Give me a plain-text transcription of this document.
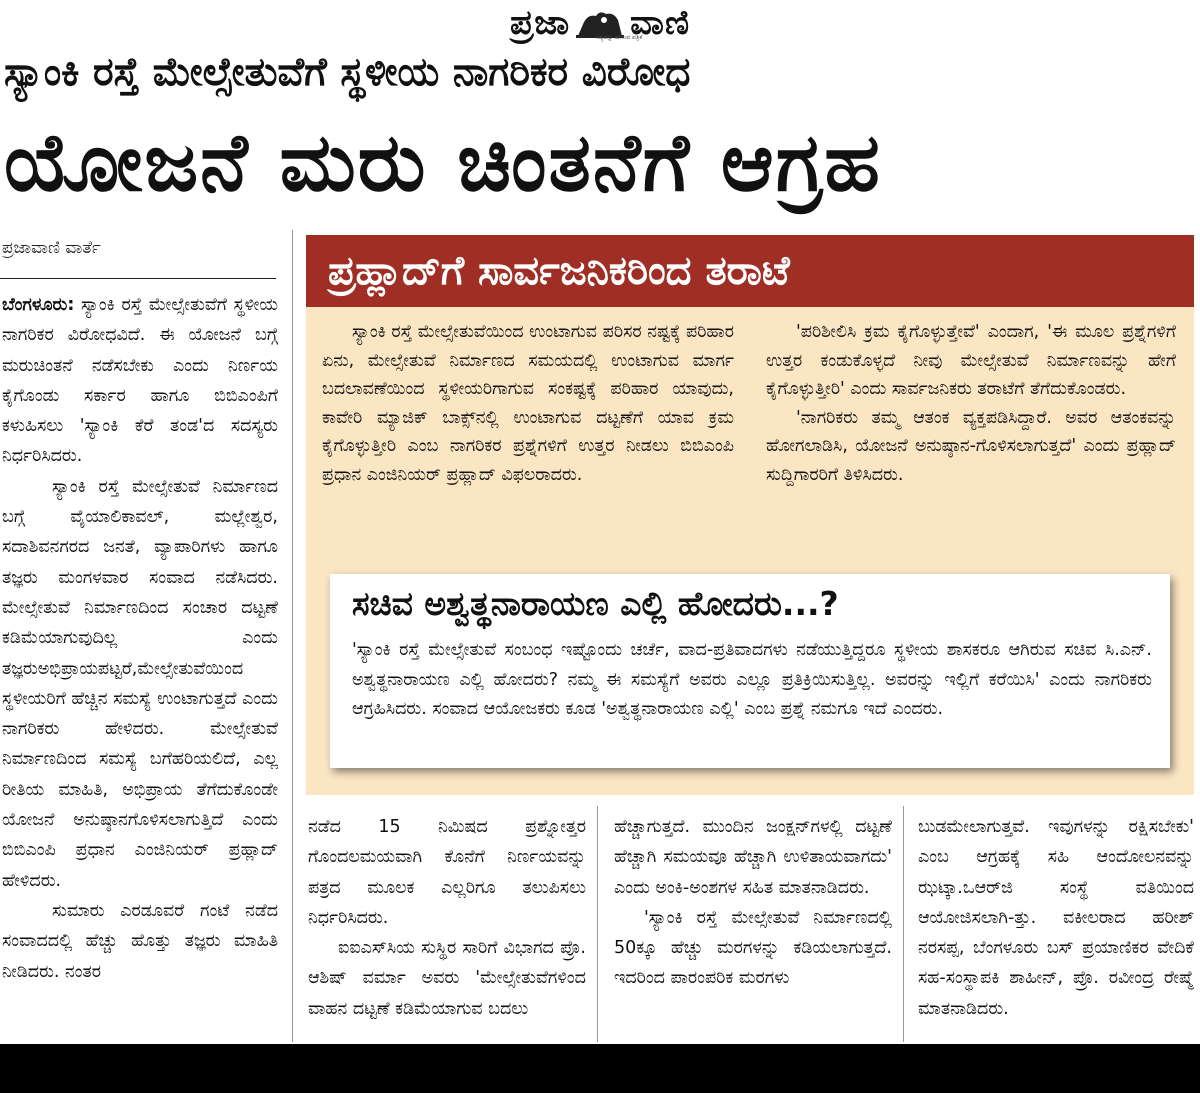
ಪ್ರಜಾ ವಾಣಿ
ಸತ್ಯವನ್ನು ಹೇಳುವ ಪತ್ರಿಕೆ
ಸ್ಯಾಂಕಿ ರಸ್ತೆ ಮೇಲ್ಸೇತುವೆಗೆ ಸ್ಥಳೀಯ ನಾಗರಿಕರ ವಿರೋಧ
ಯೋಜನೆ ಮರು ಚಿಂತನೆಗೆ ಆಗ್ರಹ
ಪ್ರಜಾವಾಣಿ ವಾರ್ತೆ

ಬೆಂಗಳೂರು: ಸ್ಯಾಂಕಿ ರಸ್ತೆ ಮೇಲ್ಸೇತುವೆಗೆ ಸ್ಥಳೀಯ ನಾಗರಿಕರ ವಿರೋಧವಿದೆ. ಈ ಯೋಜನೆ ಬಗ್ಗೆ ಮರುಚಿಂತನೆ ನಡೆಸಬೇಕು ಎಂದು ನಿರ್ಣಯ ಕೈಗೊಂಡು ಸರ್ಕಾರ ಹಾಗೂ ಬಿಬಿಎಂಪಿಗೆ ಕಳುಹಿಸಲು 'ಸ್ಯಾಂಕಿ ಕೆರೆ ತಂಡ'ದ ಸದಸ್ಯರು ನಿರ್ಧರಿಸಿದರು.

ಸ್ಯಾಂಕಿ ರಸ್ತೆ ಮೇಲ್ಸೇತುವೆ ನಿರ್ಮಾಣದ ಬಗ್ಗೆ ವೈಯಾಲಿಕಾವಲ್, ಮಲ್ಲೇಶ್ವರ, ಸದಾಶಿವನಗರದ ಜನತೆ, ವ್ಯಾಪಾರಿಗಳು ಹಾಗೂ ತಜ್ಞರು ಮಂಗಳವಾರ ಸಂವಾದ ನಡೆಸಿದರು. ಮೇಲ್ಸೇತುವೆ ನಿರ್ಮಾಣದಿಂದ ಸಂಚಾರ ದಟ್ಟಣೆ ಕಡಿಮೆಯಾಗುವುದಿಲ್ಲ ಎಂದು ತಜ್ಞರುಅಭಿಪ್ರಾಯಪಟ್ಟರೆ,ಮೇಲ್ಸೇತುವೆಯಿಂದ ಸ್ಥಳೀಯರಿಗೆ ಹೆಚ್ಚಿನ ಸಮಸ್ಯೆ ಉಂಟಾಗುತ್ತದೆ ಎಂದು ನಾಗರಿಕರು ಹೇಳಿದರು. ಮೇಲ್ಸೇತುವೆ ನಿರ್ಮಾಣದಿಂದ ಸಮಸ್ಯೆ ಬಗೆಹರಿಯಲಿದೆ, ಎಲ್ಲ ರೀತಿಯ ಮಾಹಿತಿ, ಅಭಿಪ್ರಾಯ ತೆಗೆದುಕೊಂಡೇ ಯೋಜನೆ ಅನುಷ್ಠಾನಗೊಳಿಸಲಾಗುತ್ತಿದೆ ಎಂದು ಬಿಬಿಎಂಪಿ ಪ್ರಧಾನ ಎಂಜಿನಿಯರ್ ಪ್ರಹ್ಲಾದ್ ಹೇಳಿದರು.

ಸುಮಾರು ಎರಡೂವರೆ ಗಂಟೆ ನಡೆದ ಸಂವಾದದಲ್ಲಿ ಹೆಚ್ಚು ಹೊತ್ತು ತಜ್ಞರು ಮಾಹಿತಿ ನೀಡಿದರು. ನಂತರ

ಪ್ರಹ್ಲಾದ್‌ಗೆ ಸಾರ್ವಜನಿಕರಿಂದ ತರಾಟೆ

ಸ್ಯಾಂಕಿ ರಸ್ತೆ ಮೇಲ್ಸೇತುವೆಯಿಂದ ಉಂಟಾಗುವ ಪರಿಸರ ನಷ್ಟಕ್ಕೆ ಪರಿಹಾರ ಏನು, ಮೇಲ್ಸೇತುವೆ ನಿರ್ಮಾಣದ ಸಮಯದಲ್ಲಿ ಉಂಟಾಗುವ ಮಾರ್ಗ ಬದಲಾವಣೆಯಿಂದ ಸ್ಥಳೀಯರಿಗಾಗುವ ಸಂಕಷ್ಟಕ್ಕೆ ಪರಿಹಾರ ಯಾವುದು, ಕಾವೇರಿ ಮ್ಯಾಜಿಕ್ ಬಾಕ್ಸ್‌ನಲ್ಲಿ ಉಂಟಾಗುವ ದಟ್ಟಣೆಗೆ ಯಾವ ಕ್ರಮ ಕೈಗೊಳ್ಳುತ್ತೀರಿ ಎಂಬ ನಾಗರಿಕರ ಪ್ರಶ್ನೆಗಳಿಗೆ ಉತ್ತರ ನೀಡಲು ಬಿಬಿಎಂಪಿ ಪ್ರಧಾನ ಎಂಜಿನಿಯರ್ ಪ್ರಹ್ಲಾದ್ ವಿಫಲರಾದರು.

'ಪರಿಶೀಲಿಸಿ ಕ್ರಮ ಕೈಗೊಳ್ಳುತ್ತೇವೆ' ಎಂದಾಗ, 'ಈ ಮೂಲ ಪ್ರಶ್ನೆಗಳಿಗೆ ಉತ್ತರ ಕಂಡುಕೊಳ್ಳದೆ ನೀವು ಮೇಲ್ಸೇತುವೆ ನಿರ್ಮಾಣವನ್ನು ಹೇಗೆ ಕೈಗೊಳ್ಳುತ್ತೀರಿ' ಎಂದು ಸಾರ್ವಜನಿಕರು ತರಾಟೆಗೆ ತೆಗೆದುಕೊಂಡರು.

'ನಾಗರಿಕರು ತಮ್ಮ ಆತಂಕ ವ್ಯಕ್ತಪಡಿಸಿದ್ದಾರೆ. ಅವರ ಆತಂಕವನ್ನು ಹೋಗಲಾಡಿಸಿ, ಯೋಜನೆ ಅನುಷ್ಠಾನ-ಗೊಳಿಸಲಾಗುತ್ತದೆ' ಎಂದು ಪ್ರಹ್ಲಾದ್ ಸುದ್ದಿಗಾರರಿಗೆ ತಿಳಿಸಿದರು.

ಸಚಿವ ಅಶ್ವತ್ಥನಾರಾಯಣ ಎಲ್ಲಿ ಹೋದರು...?
'ಸ್ಯಾಂಕಿ ರಸ್ತೆ ಮೇಲ್ಸೇತುವೆ ಸಂಬಂಧ ಇಷ್ಟೊಂದು ಚರ್ಚೆ, ವಾದ-ಪ್ರತಿವಾದಗಳು ನಡೆಯುತ್ತಿದ್ದರೂ ಸ್ಥಳೀಯ ಶಾಸಕರೂ ಆಗಿರುವ ಸಚಿವ ಸಿ.ಎನ್. ಅಶ್ವತ್ಥನಾರಾಯಣ ಎಲ್ಲಿ ಹೋದರು? ನಮ್ಮ ಈ ಸಮಸ್ಯೆಗೆ ಅವರು ಎಲ್ಲೂ ಪ್ರತಿಕ್ರಿಯಿಸುತ್ತಿಲ್ಲ. ಅವರನ್ನು ಇಲ್ಲಿಗೆ ಕರೆಯಿಸಿ' ಎಂದು ನಾಗರಿಕರು ಆಗ್ರಹಿಸಿದರು. ಸಂವಾದ ಆಯೋಜಕರು ಕೂಡ 'ಅಶ್ವತ್ಥನಾರಾಯಣ ಎಲ್ಲಿ' ಎಂಬ ಪ್ರಶ್ನೆ ನಮಗೂ ಇದೆ ಎಂದರು.

ನಡೆದ 15 ನಿಮಿಷದ ಪ್ರಶ್ನೋತ್ತರ ಗೊಂದಲಮಯವಾಗಿ ಕೊನೆಗೆ ನಿರ್ಣಯವನ್ನು ಪತ್ರದ ಮೂಲಕ ಎಲ್ಲರಿಗೂ ತಲುಪಿಸಲು ನಿರ್ಧರಿಸಿದರು.

ಐಐಎಸ್‌ಸಿಯ ಸುಸ್ಥಿರ ಸಾರಿಗೆ ವಿಭಾಗದ ಪ್ರೊ. ಆಶಿಷ್ ವರ್ಮಾ ಅವರು 'ಮೇಲ್ಸೇತುವೆಗಳಿಂದ ವಾಹನ ದಟ್ಟಣೆ ಕಡಿಮೆಯಾಗುವ ಬದಲು

ಹೆಚ್ಚಾಗುತ್ತದೆ. ಮುಂದಿನ ಜಂಕ್ಷನ್‌ಗಳಲ್ಲಿ ದಟ್ಟಣೆ ಹೆಚ್ಚಾಗಿ ಸಮಯವೂ ಹೆಚ್ಚಾಗಿ ಉಳಿತಾಯವಾಗದು' ಎಂದು ಅಂಕಿ-ಅಂಶಗಳ ಸಹಿತ ಮಾತನಾಡಿದರು.

'ಸ್ಯಾಂಕಿ ರಸ್ತೆ ಮೇಲ್ಸೇತುವೆ ನಿರ್ಮಾಣದಲ್ಲಿ 50ಕ್ಕೂ ಹೆಚ್ಚು ಮರಗಳನ್ನು ಕಡಿಯಲಾಗುತ್ತದೆ. ಇದರಿಂದ ಪಾರಂಪರಿಕ ಮರಗಳು

ಬುಡಮೇಲಾಗುತ್ತವೆ. ಇವುಗಳನ್ನು ರಕ್ಷಿಸಬೇಕು' ಎಂಬ ಆಗ್ರಹಕ್ಕೆ ಸಹಿ ಆಂದೋಲನವನ್ನು ಝಟ್ಕಾ.ಒಆರ್‌ಜಿ ಸಂಸ್ಥೆ ವತಿಯಿಂದ ಆಯೋಜಿಸಲಾಗಿ-ತ್ತು. ವಕೀಲರಾದ ಹರೀಶ್ ನರಸಪ್ಪ, ಬೆಂಗಳೂರು ಬಸ್ ಪ್ರಯಾಣಿಕರ ವೇದಿಕೆ ಸಹ-ಸಂಸ್ಥಾಪಕಿ ಶಾಹೀನ್, ಪ್ರೊ. ರವೀಂದ್ರ ರೇಷ್ಮೆ ಮಾತನಾಡಿದರು.
